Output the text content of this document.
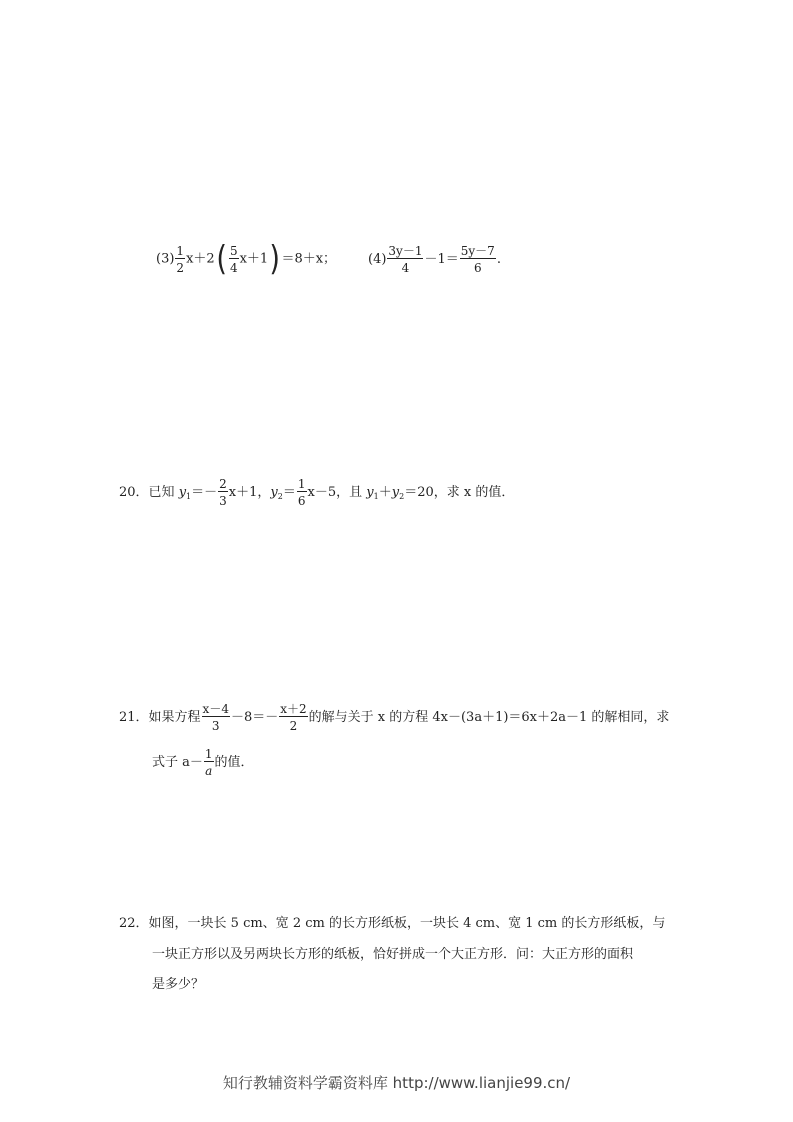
$(3) \frac{1}{2} x+2( \frac{5}{4} x+1)=8+x$； $(4) \frac{3y-1}{4} -1= \frac{5y-7}{6}$ .
20．已知 $y_1=- \frac{2}{3} x+1$，$y_2= \frac{1}{6} x-5$，且 $y_1+y_2=20$，求 x 的值．
21．如果方程 $\frac{x-4}{3} -8=- \frac{x+2}{2}$ 的解与关于 x 的方程 4x－(3a＋1)＝6x＋2a－1 的解相同，求
式子 $a- \frac{1}{a}$ 的值．
22．如图，一块长 5 cm、宽 2 cm 的长方形纸板，一块长 4 cm、宽 1 cm 的长方形纸板，与
一块正方形以及另两块长方形的纸板，恰好拼成一个大正方形．问：大正方形的面积
是多少？
知行教辅资料学霸资料库 http://www.lianjie99.cn/
